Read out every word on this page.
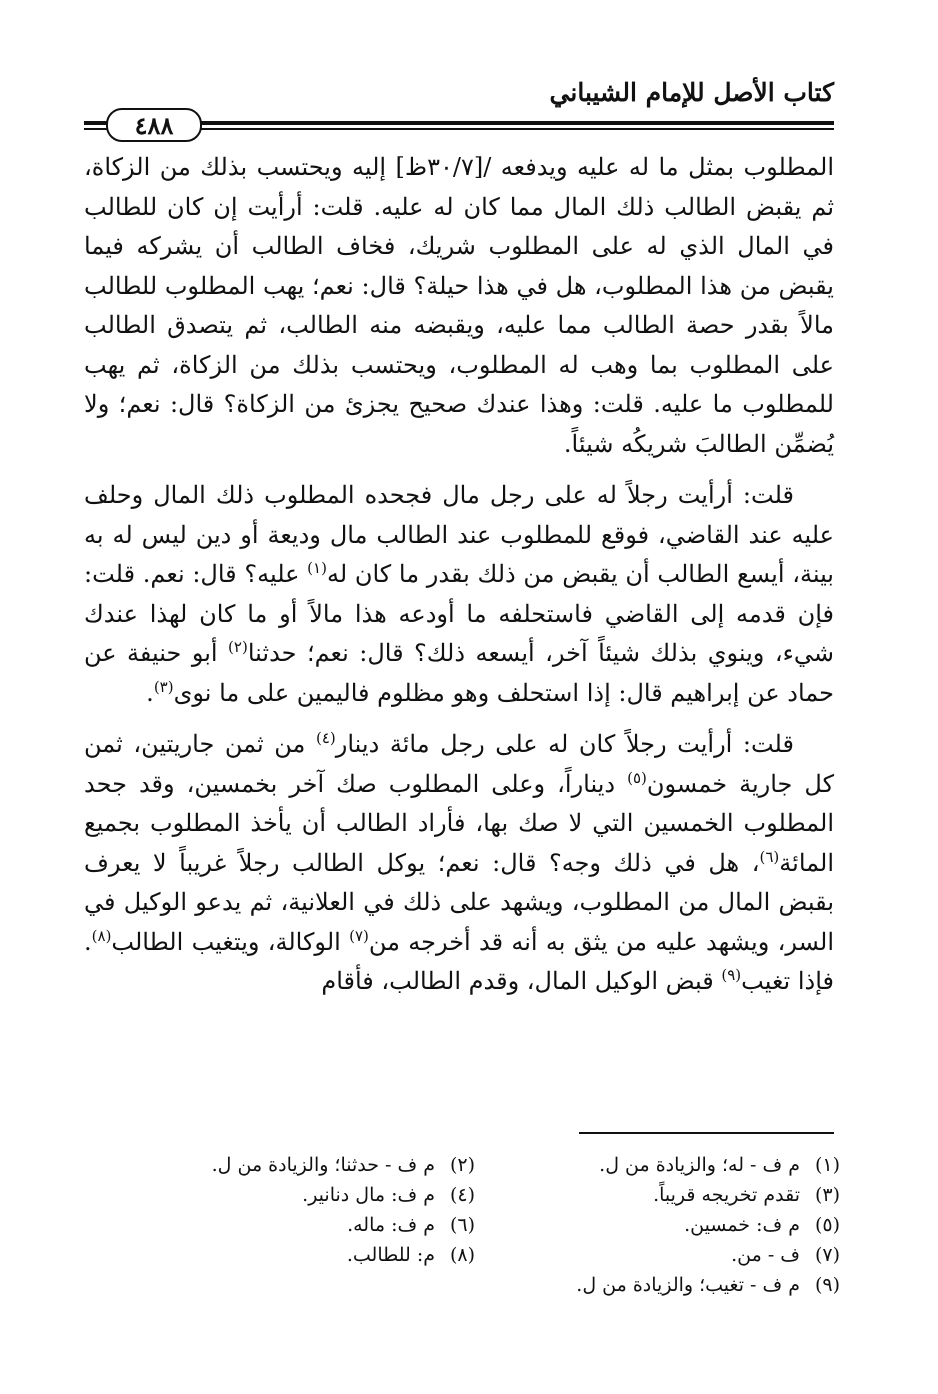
كتاب الأصل للإمام الشيباني
٤٨٨

المطلوب بمثل ما له عليه ويدفعه /[٣٠/٧ظ] إليه ويحتسب بذلك من الزكاة، ثم يقبض الطالب ذلك المال مما كان له عليه. قلت: أرأيت إن كان للطالب في المال الذي له على المطلوب شريك، فخاف الطالب أن يشركه فيما يقبض من هذا المطلوب، هل في هذا حيلة؟ قال: نعم؛ يهب المطلوب للطالب مالاً بقدر حصة الطالب مما عليه، ويقبضه منه الطالب، ثم يتصدق الطالب على المطلوب بما وهب له المطلوب، ويحتسب بذلك من الزكاة، ثم يهب للمطلوب ما عليه. قلت: وهذا عندك صحيح يجزئ من الزكاة؟ قال: نعم؛ ولا يُضمِّن الطالبَ شريكُه شيئاً.

قلت: أرأيت رجلاً له على رجل مال فجحده المطلوب ذلك المال وحلف عليه عند القاضي، فوقع للمطلوب عند الطالب مال وديعة أو دين ليس له به بينة، أيسع الطالب أن يقبض من ذلك بقدر ما كان له$^{(١)}$ عليه؟ قال: نعم. قلت: فإن قدمه إلى القاضي فاستحلفه ما أودعه هذا مالاً أو ما كان لهذا عندك شيء، وينوي بذلك شيئاً آخر، أيسعه ذلك؟ قال: نعم؛ حدثنا$^{(٢)}$ أبو حنيفة عن حماد عن إبراهيم قال: إذا استحلف وهو مظلوم فاليمين على ما نوى$^{(٣)}$.

قلت: أرأيت رجلاً كان له على رجل مائة دينار$^{(٤)}$ من ثمن جاريتين، ثمن كل جارية خمسون$^{(٥)}$ ديناراً، وعلى المطلوب صك آخر بخمسين، وقد جحد المطلوب الخمسين التي لا صك بها، فأراد الطالب أن يأخذ المطلوب بجميع المائة$^{(٦)}$، هل في ذلك وجه؟ قال: نعم؛ يوكل الطالب رجلاً غريباً لا يعرف بقبض المال من المطلوب، ويشهد على ذلك في العلانية، ثم يدعو الوكيل في السر، ويشهد عليه من يثق به أنه قد أخرجه من$^{(٧)}$ الوكالة، ويتغيب الطالب$^{(٨)}$. فإذا تغيب$^{(٩)}$ قبض الوكيل المال، وقدم الطالب، فأقام

(١)م ف - له؛ والزيادة من ل.
(٢)م ف - حدثنا؛ والزيادة من ل.
(٣)تقدم تخريجه قريباً.
(٤)م ف: مال دنانير.
(٥)م ف: خمسين.
(٦)م ف: ماله.
(٧)ف - من.
(٨)م: للطالب.
(٩)م ف - تغيب؛ والزيادة من ل.
